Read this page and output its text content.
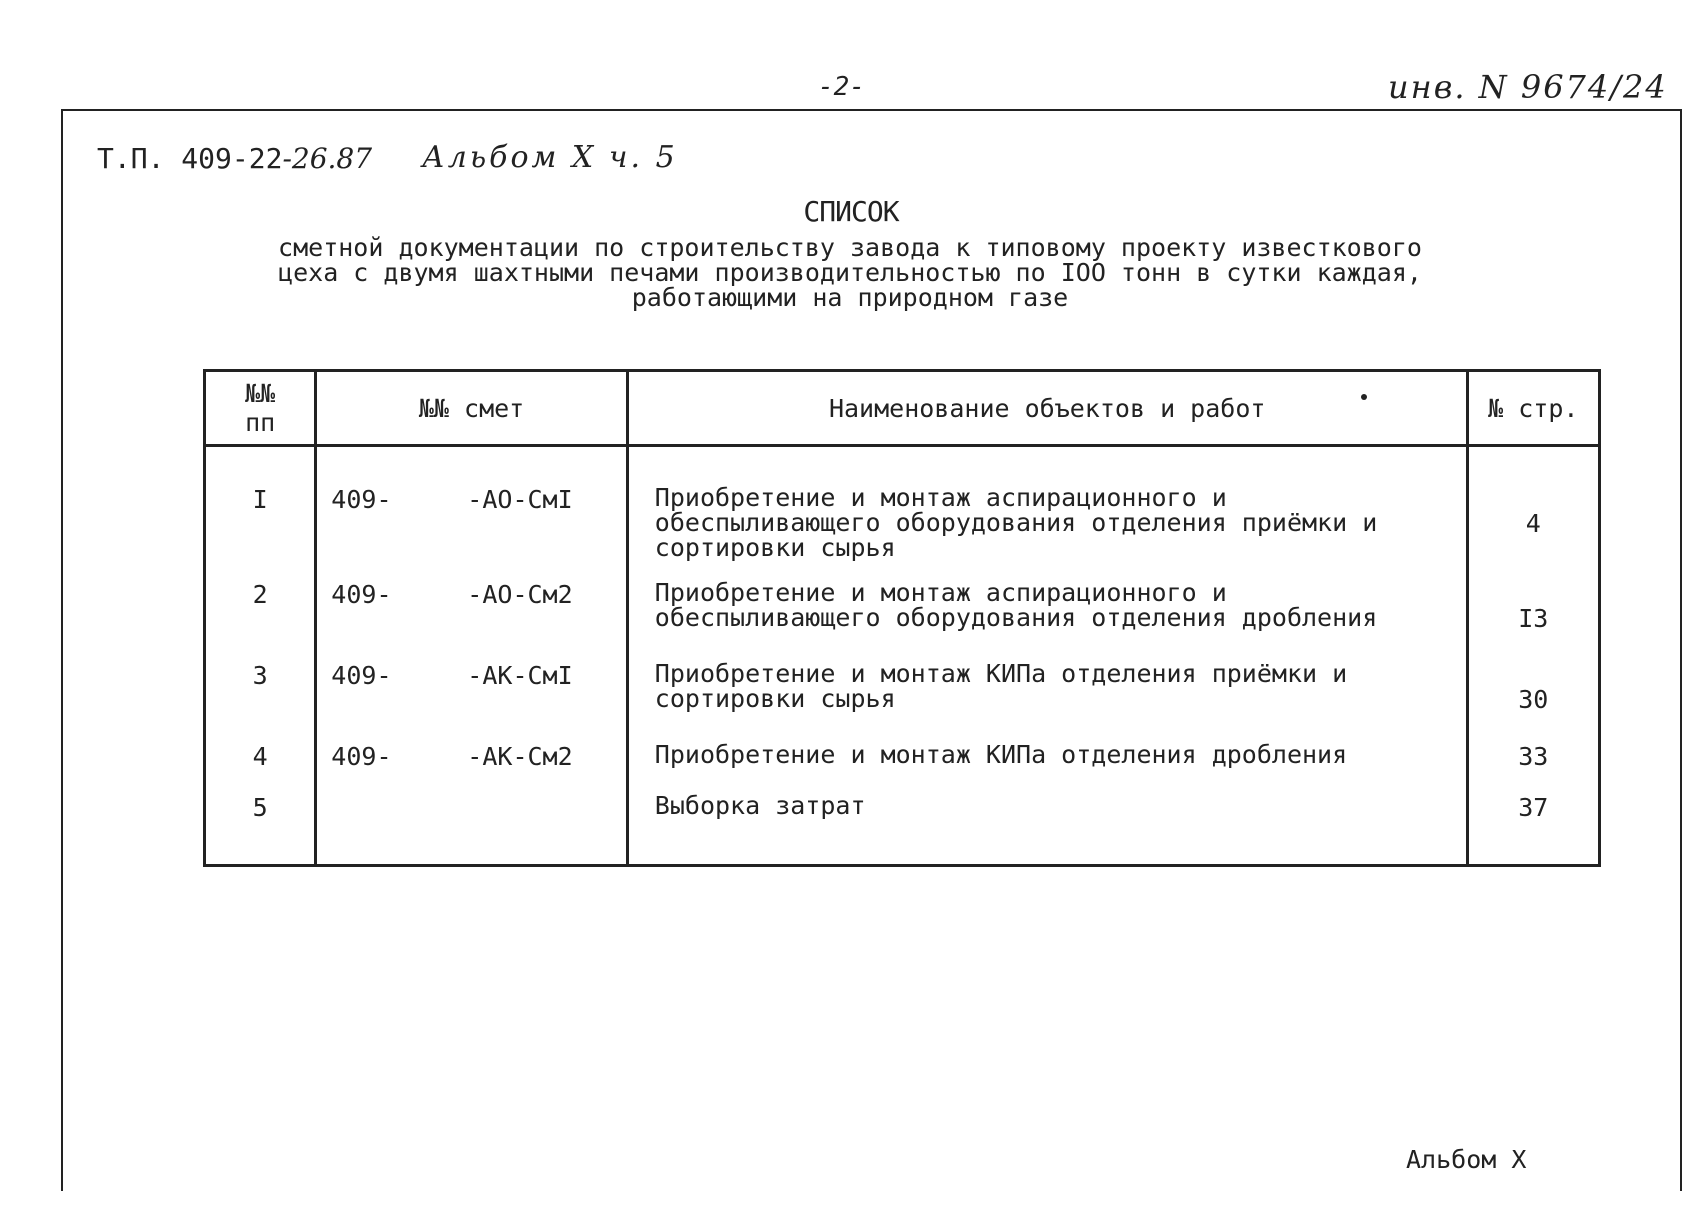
-2-	инв. N 9674/24
Т.П. 409-22-26.87 Альбом X ч. 5
СПИСОК
сметной документации по строительству завода к типовому проекту известкового
цеха с двумя шахтными печами производительностью по IOO тонн в сутки каждая,
работающими на природном газе
№№
пп	№№ смет	Наименование объектов и работ	№ стр.
I	409- -АО-СмI	Приобретение и монтаж аспирационного и обеспыливающего оборудования отделения приёмки и сортировки сырья	4
2	409- -АО-См2	Приобретение и монтаж аспирационного и обеспыливающего оборудования отделения дробления	I3
3	409- -АК-СмI	Приобретение и монтаж КИПа отделения приёмки и сортировки сырья	30
4	409- -АК-См2	Приобретение и монтаж КИПа отделения дробления	33
5		Выборка затрат	37
Альбом X
